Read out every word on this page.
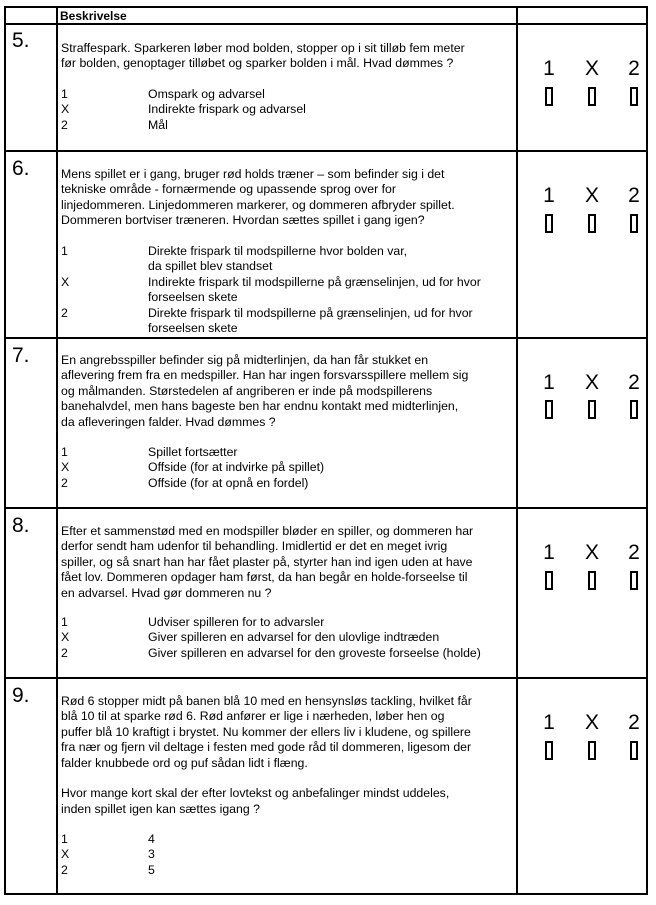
Beskrivelse
5.	Straffespark. Sparkeren løber mod bolden, stopper op i sit tilløb fem meter
før bolden, genoptager tilløbet og sparker bolden i mål. Hvad dømmes ?
1	Omspark og advarsel
X	Indirekte frispark og advarsel
2	Mål
1 X 2
6.	Mens spillet er i gang, bruger rød holds træner – som befinder sig i det
tekniske område - fornærmende og upassende sprog over for
linjedommeren. Linjedommeren markerer, og dommeren afbryder spillet.
Dommeren bortviser træneren. Hvordan sættes spillet i gang igen?
1	Direkte frispark til modspillerne hvor bolden var, da spillet blev standset
X	Indirekte frispark til modspillerne på grænselinjen, ud for hvor forseelsen skete
2	Direkte frispark til modspillerne på grænselinjen, ud for hvor forseelsen skete
1 X 2
7.	En angrebsspiller befinder sig på midterlinjen, da han får stukket en
aflevering frem fra en medspiller. Han har ingen forsvarsspillere mellem sig
og målmanden. Størstedelen af angriberen er inde på modspillerens
banehalvdel, men hans bageste ben har endnu kontakt med midterlinjen,
da afleveringen falder. Hvad dømmes ?
1	Spillet fortsætter
X	Offside (for at indvirke på spillet)
2	Offside (for at opnå en fordel)
1 X 2
8.	Efter et sammenstød med en modspiller bløder en spiller, og dommeren har
derfor sendt ham udenfor til behandling. Imidlertid er det en meget ivrig
spiller, og så snart han har fået plaster på, styrter han ind igen uden at have
fået lov. Dommeren opdager ham først, da han begår en holde-forseelse til
en advarsel. Hvad gør dommeren nu ?
1	Udviser spilleren for to advarsler
X	Giver spilleren en advarsel for den ulovlige indtræden
2	Giver spilleren en advarsel for den groveste forseelse (holde)
1 X 2
9.	Rød 6 stopper midt på banen blå 10 med en hensynsløs tackling, hvilket får
blå 10 til at sparke rød 6. Rød anfører er lige i nærheden, løber hen og
puffer blå 10 kraftigt i brystet. Nu kommer der ellers liv i kludene, og spillere
fra nær og fjern vil deltage i festen med gode råd til dommeren, ligesom der
falder knubbede ord og puf sådan lidt i flæng.
Hvor mange kort skal der efter lovtekst og anbefalinger mindst uddeles,
inden spillet igen kan sættes igang ?
1	4
X	3
2	5
1 X 2
